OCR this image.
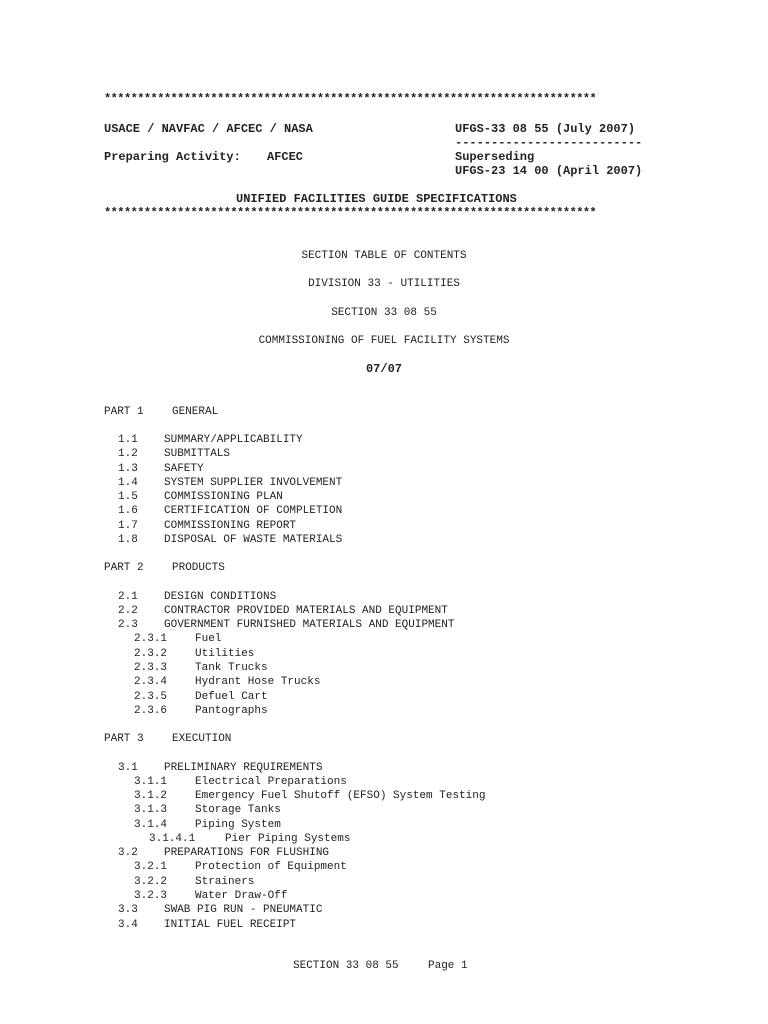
**************************************************************************
USACE / NAVFAC / AFCEC / NASA	UFGS-33 08 55 (July 2007)
--------------------------
Preparing Activity: AFCEC	Superseding
UFGS-23 14 00 (April 2007)
UNIFIED FACILITIES GUIDE SPECIFICATIONS
**************************************************************************
SECTION TABLE OF CONTENTS
DIVISION 33 - UTILITIES
SECTION 33 08 55
COMMISSIONING OF FUEL FACILITY SYSTEMS
07/07
PART 1	GENERAL
1.1 SUMMARY/APPLICABILITY
1.2 SUBMITTALS
1.3 SAFETY
1.4 SYSTEM SUPPLIER INVOLVEMENT
1.5 COMMISSIONING PLAN
1.6 CERTIFICATION OF COMPLETION
1.7 COMMISSIONING REPORT
1.8 DISPOSAL OF WASTE MATERIALS
PART 2	PRODUCTS
2.1 DESIGN CONDITIONS
2.2 CONTRACTOR PROVIDED MATERIALS AND EQUIPMENT
2.3 GOVERNMENT FURNISHED MATERIALS AND EQUIPMENT
2.3.1	Fuel
2.3.2	Utilities
2.3.3	Tank Trucks
2.3.4	Hydrant Hose Trucks
2.3.5	Defuel Cart
2.3.6	Pantographs
PART 3	EXECUTION
3.1 PRELIMINARY REQUIREMENTS
3.1.1	Electrical Preparations
3.1.2	Emergency Fuel Shutoff (EFSO) System Testing
3.1.3	Storage Tanks
3.1.4	Piping System
3.1.4.1	Pier Piping Systems
3.2 PREPARATIONS FOR FLUSHING
3.2.1	Protection of Equipment
3.2.2	Strainers
3.2.3	Water Draw-Off
3.3 SWAB PIG RUN - PNEUMATIC
3.4 INITIAL FUEL RECEIPT
SECTION 33 08 55	Page 1
